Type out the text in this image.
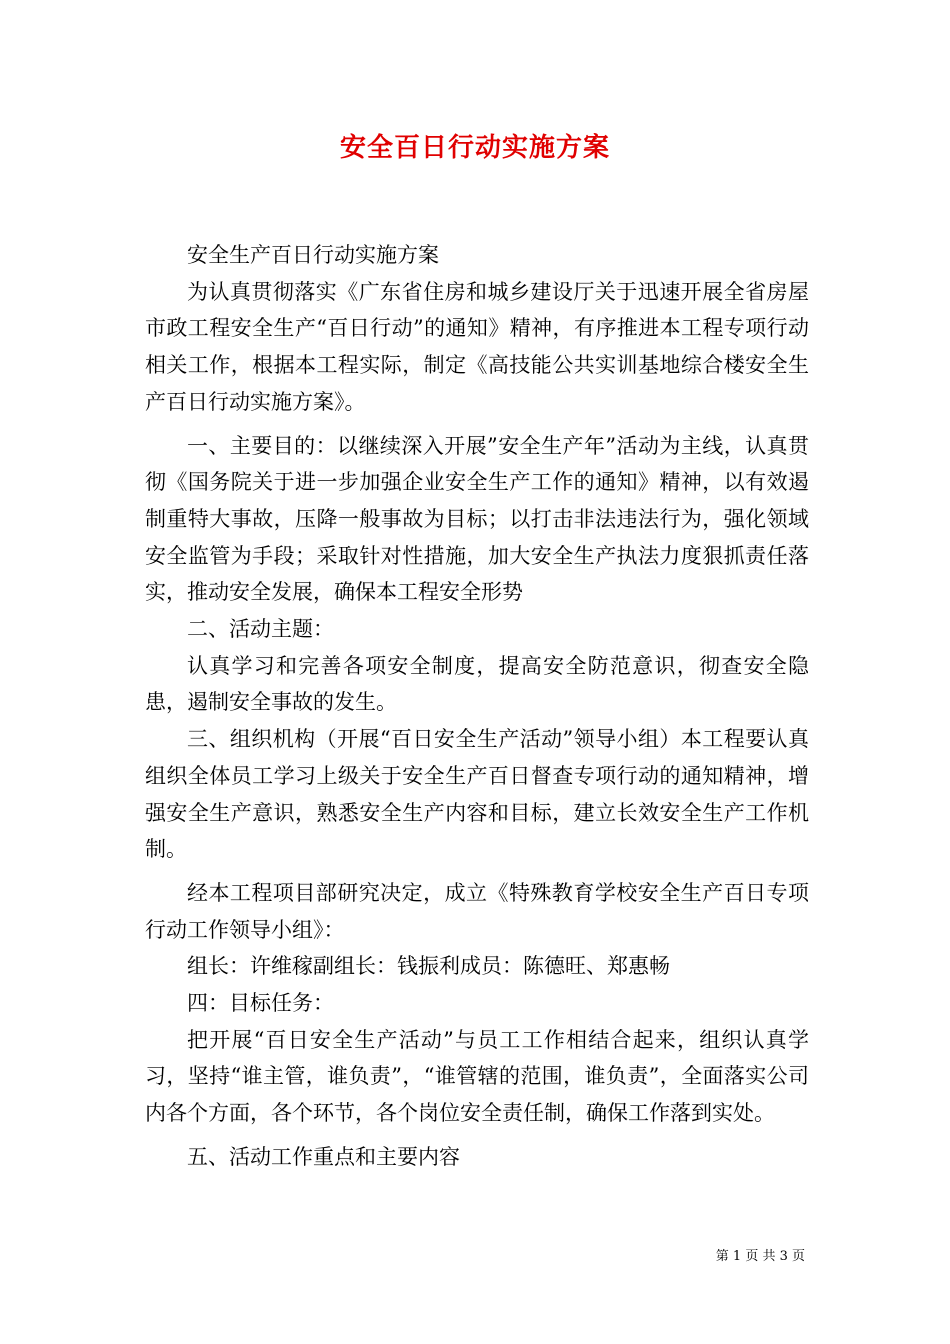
安全百日行动实施方案

安全生产百日行动实施方案

为认真贯彻落实《广东省住房和城乡建设厅关于迅速开展全省房屋市政工程安全生产“百日行动”的通知》精神，有序推进本工程专项行动相关工作，根据本工程实际，制定《高技能公共实训基地综合楼安全生产百日行动实施方案》。

一、主要目的：以继续深入开展”安全生产年”活动为主线，认真贯彻《国务院关于进一步加强企业安全生产工作的通知》精神，以有效遏制重特大事故，压降一般事故为目标；以打击非法违法行为，强化领域安全监管为手段；采取针对性措施，加大安全生产执法力度狠抓责任落实，推动安全发展，确保本工程安全形势

二、活动主题：

认真学习和完善各项安全制度，提高安全防范意识，彻查安全隐患，遏制安全事故的发生。

三、组织机构（开展“百日安全生产活动”领导小组）本工程要认真组织全体员工学习上级关于安全生产百日督查专项行动的通知精神，增强安全生产意识，熟悉安全生产内容和目标，建立长效安全生产工作机制。

经本工程项目部研究决定，成立《特殊教育学校安全生产百日专项行动工作领导小组》：

组长：许维稼副组长：钱振利成员：陈德旺、郑惠畅

四：目标任务：

把开展“百日安全生产活动”与员工工作相结合起来，组织认真学习，坚持“谁主管，谁负责”，“谁管辖的范围，谁负责”，全面落实公司内各个方面，各个环节，各个岗位安全责任制，确保工作落到实处。

五、活动工作重点和主要内容

第 1 页 共 3 页
